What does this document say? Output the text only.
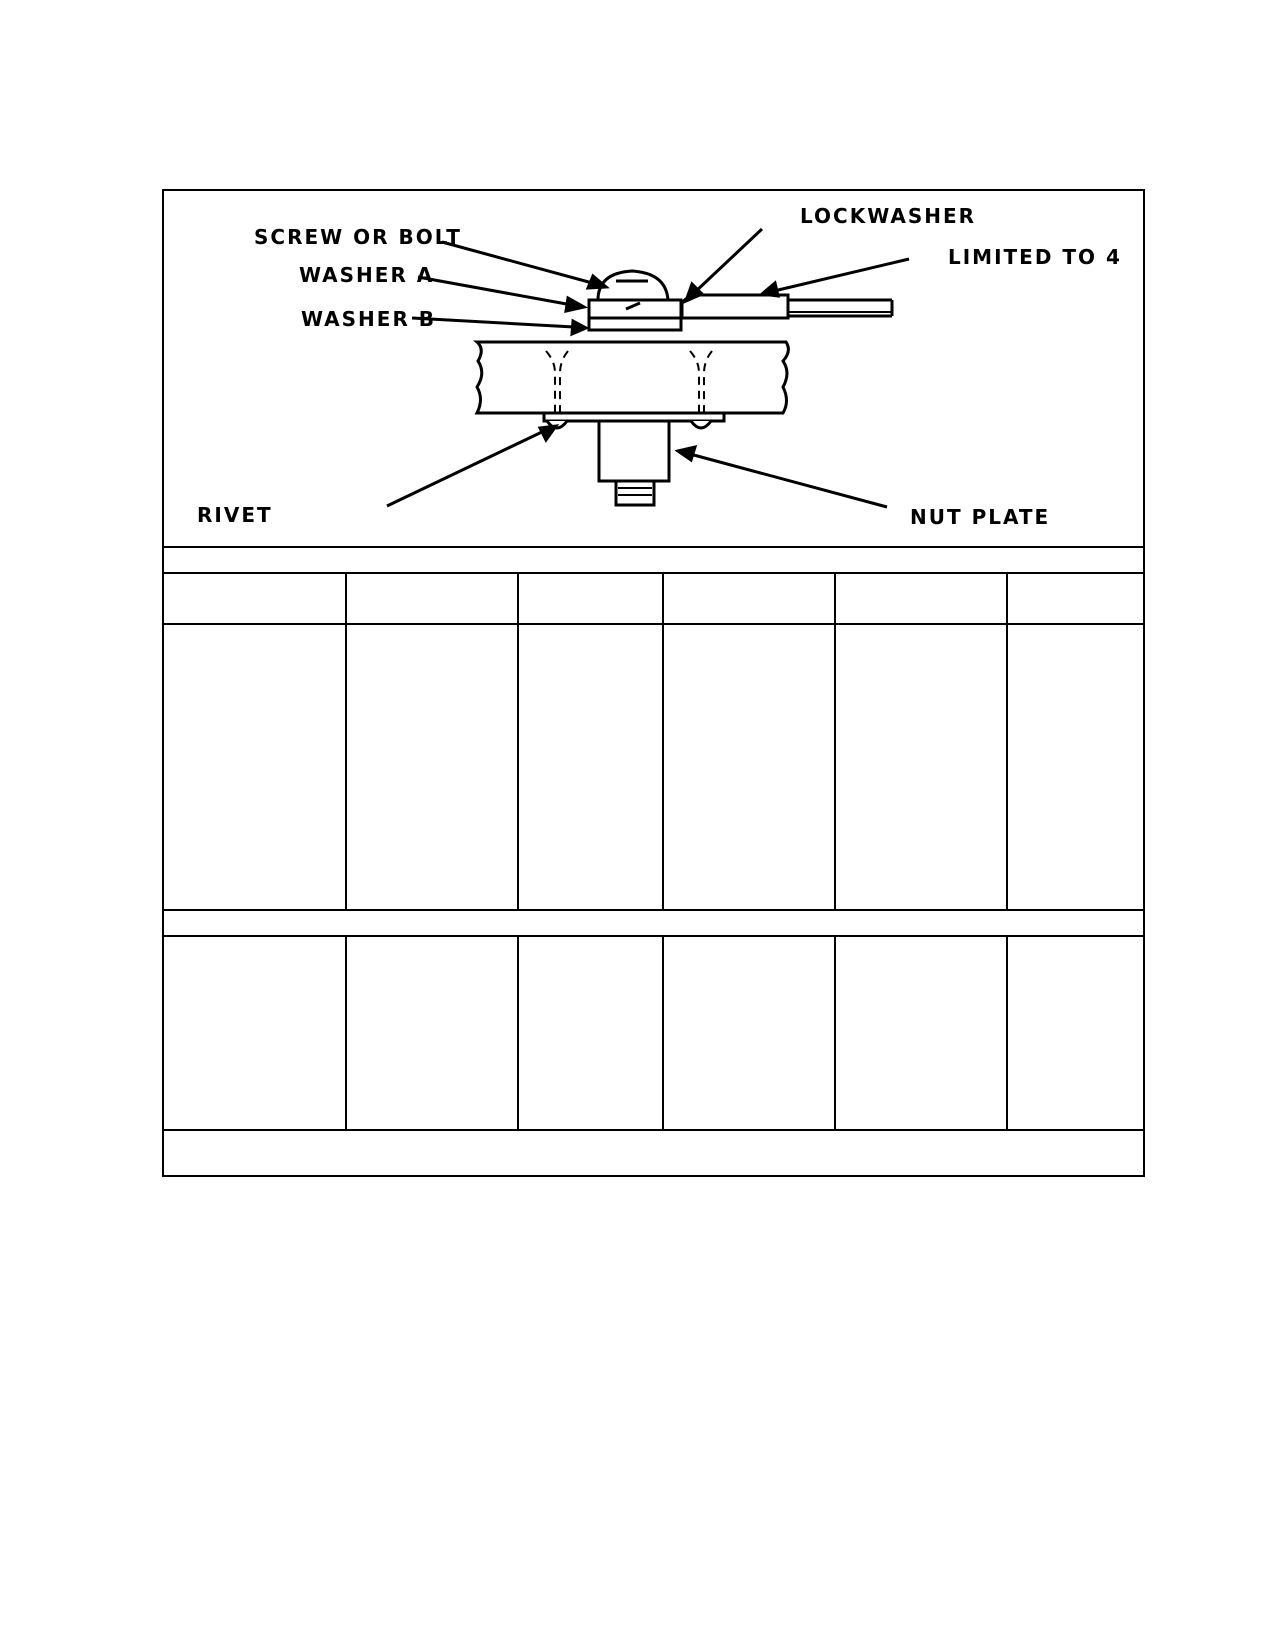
SCREW OR BOLT
WASHER A
WASHER B
LOCKWASHER
LIMITED TO 4
RIVET	NUT PLATE
